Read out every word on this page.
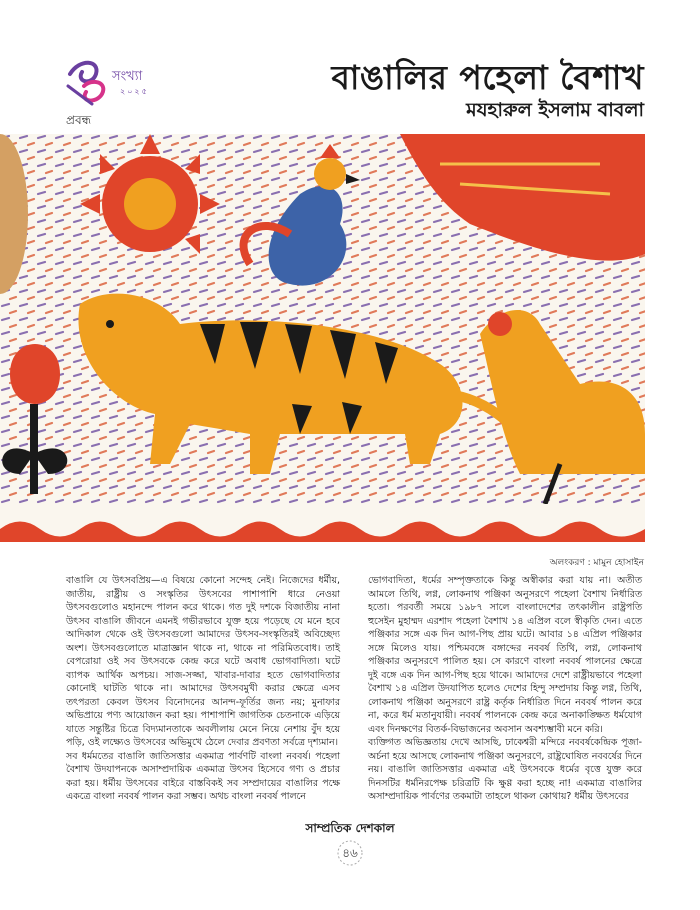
সংখ্যা
২০২৫
প্রবন্ধ
বাঙালির পহেলা বৈশাখ
মযহারুল ইসলাম বাবলা
অলংকরণ : মামুন হোসাইন

বাঙালি যে উৎসবপ্রিয়—এ বিষয়ে কোনো সন্দেহ নেই। নিজেদের ধর্মীয়, জাতীয়, রাষ্ট্রীয় ও সংস্কৃতির উৎসবের পাশাপাশি ধারে নেওয়া উৎসবগুলোও মহানন্দে পালন করে থাকে। গত দুই দশকে বিজাতীয় নানা উৎসব বাঙালি জীবনে এমনই গভীরভাবে যুক্ত হয়ে পড়েছে যে মনে হবে আদিকাল থেকে ওই উৎসবগুলো আমাদের উৎসব-সংস্কৃতিরই অবিচ্ছেদ্য অংশ। উৎসবগুলোতে মাত্রাজ্ঞান থাকে না, থাকে না পরিমিতবোধ। তাই বেপরোয়া ওই সব উৎসবকে কেন্দ্র করে ঘটে অবাধ ভোগবাদিতা। ঘটে ব্যাপক আর্থিক অপচয়। সাজ-সজ্জা, খাবার-দাবার হতে ভোগবাদিতার কোনোই ঘাটতি থাকে না। আমাদের উৎসবমুখী করার ক্ষেত্রে এসব তৎপরতা কেবল উৎসব বিনোদনের আনন্দ-ফূর্তির জন্য নয়; মুনাফার অভিপ্রায়ে পণ্য আয়োজন করা হয়। পাশাপাশি জাগতিক চেতনাকে এড়িয়ে যাতে সন্তুষ্টির চিত্রে বিদ্যমানতাকে অবলীলায় মেনে নিয়ে নেশায় বুঁদ হয়ে পড়ি, ওই লক্ষ্যেও উৎসবের অভিমুখে ঠেলে দেবার প্রবণতা সর্বত্রে দৃশ্যমান।

সব ধর্মমতের বাঙালি জাতিসত্তার একমাত্র পার্বণটি বাংলা নববর্ষ। পহেলা বৈশাখ উদযাপনকে অসাম্প্রদায়িক একমাত্র উৎসব হিসেবে গণ্য ও প্রচার করা হয়। ধর্মীয় উৎসবের বাইরে বাস্তবিকই সব সম্প্রদায়ের বাঙালির পক্ষে একত্রে বাংলা নববর্ষ পালন করা সম্ভব। অথচ বাংলা নববর্ষ পালনে

ভোগবাদিতা, ধর্মের সম্পৃক্ততাকে কিন্তু অস্বীকার করা যায় না। অতীত আমলে তিথি, লগ্ন, লোকনাথ পঞ্জিকা অনুসরণে পহেলা বৈশাখ নির্ধারিত হতো। পরবর্তী সময়ে ১৯৮৭ সালে বাংলাদেশের তৎকালীন রাষ্ট্রপতি হুসেইন মুহাম্মদ এরশাদ পহেলা বৈশাখ ১৪ এপ্রিল বলে স্বীকৃতি দেন। এতে পঞ্জিকার সঙ্গে এক দিন আগ-পিছ প্রায় ঘটে। আবার ১৪ এপ্রিল পঞ্জিকার সঙ্গে মিলেও যায়। পশ্চিমবঙ্গে বঙ্গাব্দের নববর্ষ তিথি, লগ্ন, লোকনাথ পঞ্জিকার অনুসরণে পালিত হয়। সে কারণে বাংলা নববর্ষ পালনের ক্ষেত্রে দুই বঙ্গে এক দিন আগ-পিছ হয়ে থাকে। আমাদের দেশে রাষ্ট্রীয়ভাবে পহেলা বৈশাখ ১৪ এপ্রিল উদযাপিত হলেও দেশের হিন্দু সম্প্রদায় কিন্তু লগ্ন, তিথি, লোকনাথ পঞ্জিকা অনুসরণে রাষ্ট্র কর্তৃক নির্ধারিত দিনে নববর্ষ পালন করে না, করে ধর্ম মতানুযায়ী। নববর্ষ পালনকে কেন্দ্র করে অনাকাঙ্ক্ষিত ধর্মযোগ এবং দিনক্ষণের বিতর্ক-বিভাজনের অবসান অবশ্যম্ভাবী মনে করি।

ব্যক্তিগত অভিজ্ঞতায় দেখে আসছি, ঢাকেশ্বরী মন্দিরে নববর্ষকেন্দ্রিক পূজা-অর্চনা হয়ে আসছে লোকনাথ পঞ্জিকা অনুসরণে, রাষ্ট্রঘোষিত নববর্ষের দিনে নয়। বাঙালি জাতিসত্তার একমাত্র এই উৎসবকে ধর্মের বৃত্তে যুক্ত করে দিনসটির ধর্মনিরপেক্ষ চরিত্রটি কি ক্ষুণ্ণ করা হচ্ছে না! একমাত্র বাঙালির অসাম্প্রদায়িক পার্বণের তকমাটা তাহলে থাকল কোথায়? ধর্মীয় উৎসবের

সাম্প্রতিক দেশকাল
৪৬
